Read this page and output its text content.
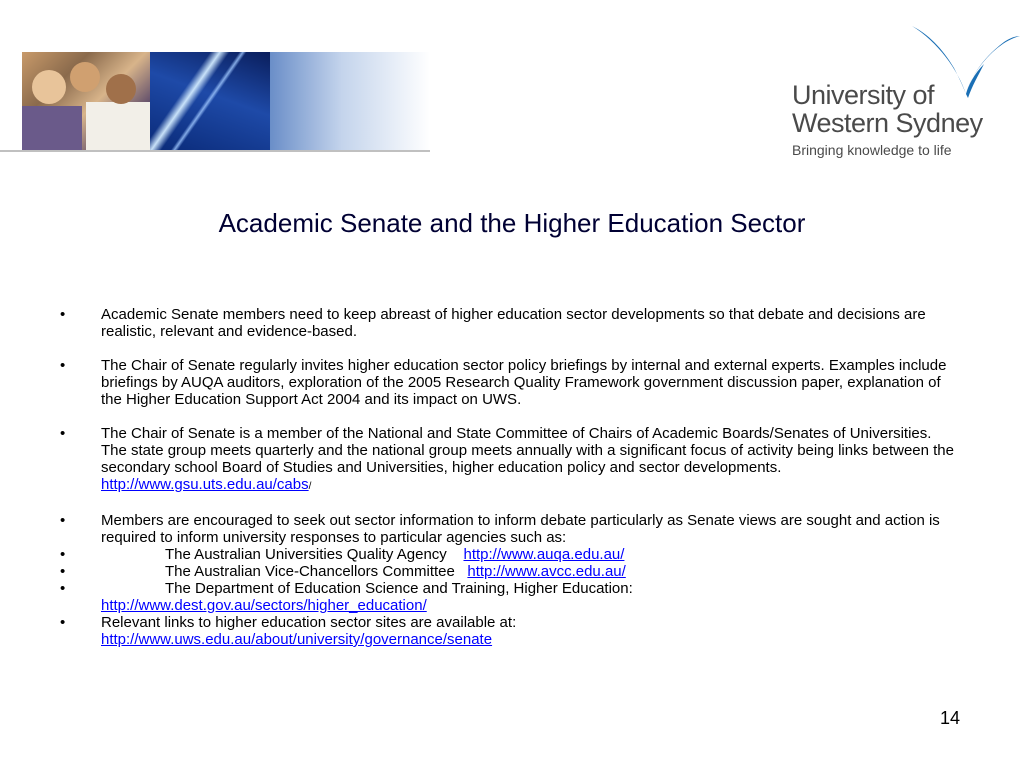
University of
Western Sydney
Bringing knowledge to life
Academic Senate and the Higher Education Sector
• Academic Senate members need to keep abreast of higher education sector developments so that debate and decisions are realistic, relevant and evidence-based.
• The Chair of Senate regularly invites higher education sector policy briefings by internal and external experts. Examples include briefings by AUQA auditors, exploration of the 2005 Research Quality Framework government discussion paper, explanation of the Higher Education Support Act 2004 and its impact on UWS.
• The Chair of Senate is a member of the National and State Committee of Chairs of Academic Boards/Senates of Universities. The state group meets quarterly and the national group meets annually with a significant focus of activity being links between the secondary school Board of Studies and Universities, higher education policy and sector developments. http://www.gsu.uts.edu.au/cabs/
• Members are encouraged to seek out sector information to inform debate particularly as Senate views are sought and action is required to inform university responses to particular agencies such as:
•	The Australian Universities Quality Agency http://www.auqa.edu.au/
•	The Australian Vice-Chancellors Committee http://www.avcc.edu.au/
•	The Department of Education Science and Training, Higher Education:
http://www.dest.gov.au/sectors/higher_education/
• Relevant links to higher education sector sites are available at:
http://www.uws.edu.au/about/university/governance/senate
14
